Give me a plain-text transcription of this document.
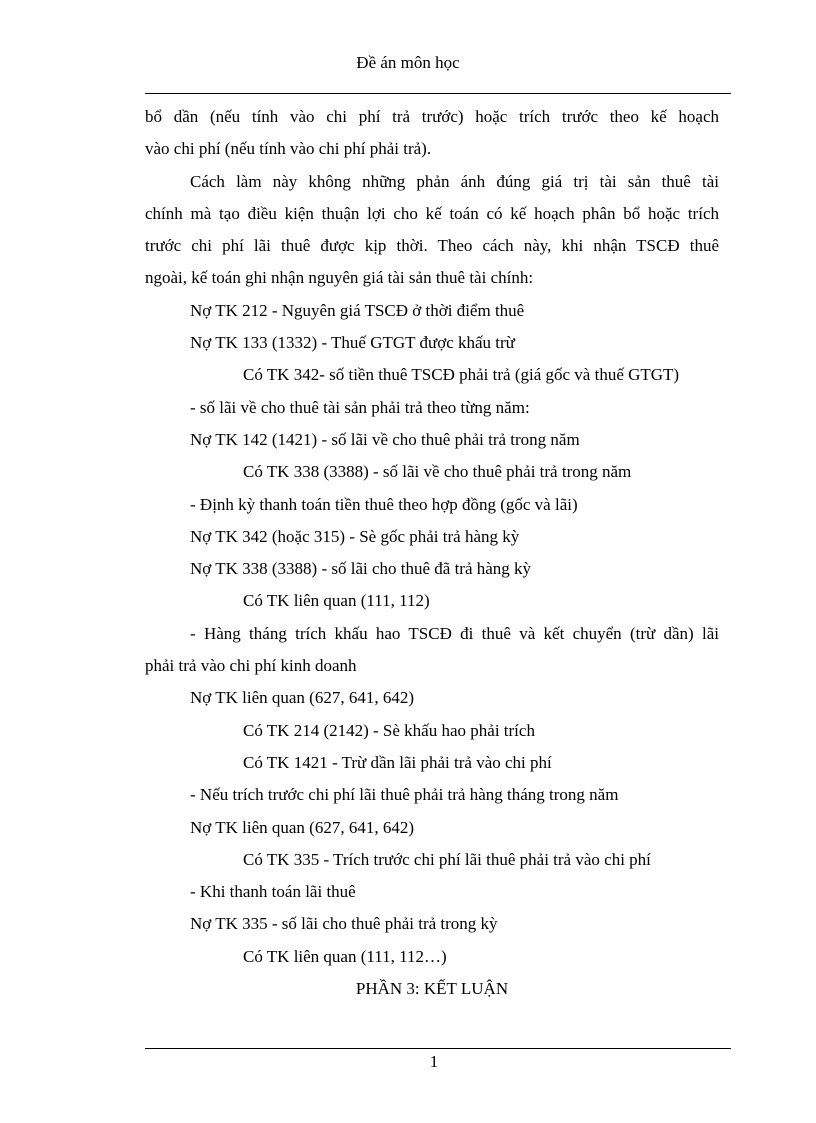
Đề án môn học
bổ dần (nếu tính vào chi phí trả trước) hoặc trích trước theo kế hoạch
vào chi phí (nếu tính vào chi phí phải trả).
Cách làm này không những phản ánh đúng giá trị tài sản thuê tài
chính mà tạo điều kiện thuận lợi cho kế toán có kế hoạch phân bổ hoặc trích
trước chi phí lãi thuê được kịp thời. Theo cách này, khi nhận TSCĐ thuê
ngoài, kế toán ghi nhận nguyên giá tài sản thuê tài chính:
Nợ TK 212 - Nguyên giá TSCĐ ở thời điểm thuê
Nợ TK 133 (1332) - Thuế GTGT được khấu trừ
Có TK 342- số tiền thuê TSCĐ phải trả (giá gốc và thuế GTGT)
- số lãi về cho thuê tài sản phải trả theo từng năm:
Nợ TK 142 (1421) - số lãi về cho thuê phải trả trong năm
Có TK 338 (3388) - số lãi về cho thuê phải trả trong năm
- Định kỳ thanh toán tiền thuê theo hợp đồng (gốc và lãi)
Nợ TK 342 (hoặc 315) - Sè gốc phải trả hàng kỳ
Nợ TK 338 (3388) - số lãi cho thuê đã trả hàng kỳ
Có TK liên quan (111, 112)
- Hàng tháng trích khấu hao TSCĐ đi thuê và kết chuyển (trừ dần) lãi
phải trả vào chi phí kinh doanh
Nợ TK liên quan (627, 641, 642)
Có TK 214 (2142) - Sè khấu hao phải trích
Có TK 1421 - Trừ dần lãi phải trả vào chi phí
- Nếu trích trước chi phí lãi thuê phải trả hàng tháng trong năm
Nợ TK liên quan (627, 641, 642)
Có TK 335 - Trích trước chi phí lãi thuê phải trả vào chi phí
- Khi thanh toán lãi thuê
Nợ TK 335 - số lãi cho thuê phải trả trong kỳ
Có TK liên quan (111, 112…)
PHẦN 3: KẾT LUẬN
1
